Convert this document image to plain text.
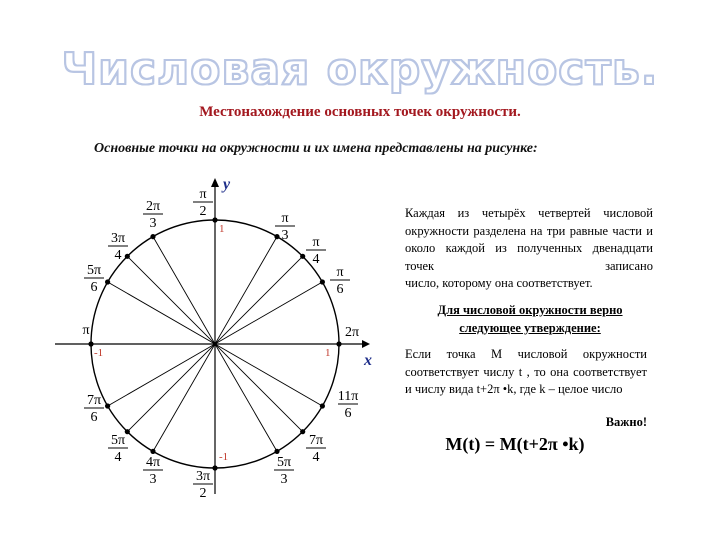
Числовая окружность.
Местонахождение основных точек окружности.
Основные точки на окружности и их имена представлены на рисунке:
y
x
1
-1
-1	1
π
2	π
3 π
4
π
6
2π
11π
6
7π
4
5π
3
3π
2
4π
3
5π
4
7π
6
π
5π
6
3π
4
2π
3
Каждая из четырёх четвертей числовой окружности разделена на три равные части и около каждой из полученных двенадцати точек записано
число, которому она соответствует.
Для числовой окружности верно следующее утверждение:
Если точка М числовой окружности соответствует числу t , то она соответствует и числу вида t+2π •k, где k – целое число
Важно!
M(t) = M(t+2π •k)
